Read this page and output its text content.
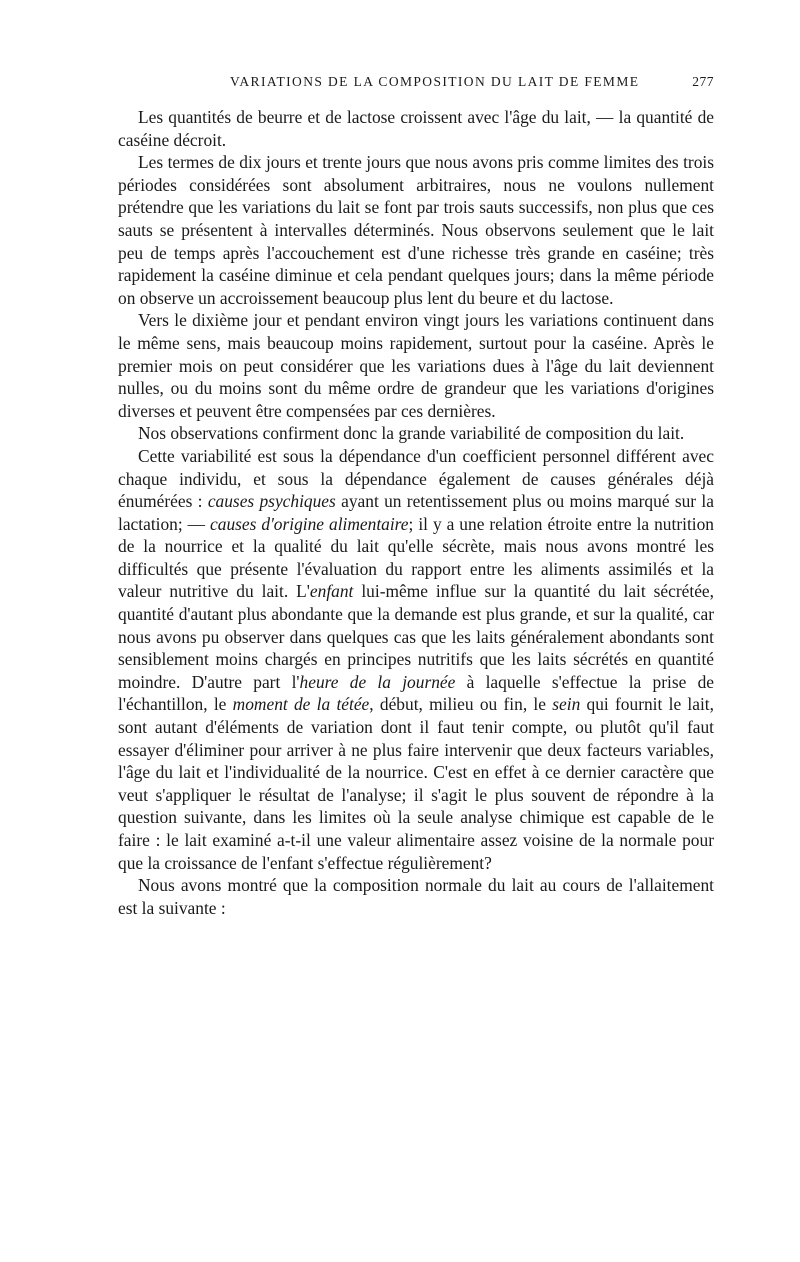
VARIATIONS DE LA COMPOSITION DU LAIT DE FEMME	277

Les quantités de beurre et de lactose croissent avec l'âge du lait, — la quantité de caséine décroit.

Les termes de dix jours et trente jours que nous avons pris comme limites des trois périodes considérées sont absolument arbitraires, nous ne voulons nullement prétendre que les variations du lait se font par trois sauts successifs, non plus que ces sauts se présentent à intervalles déterminés. Nous observons seulement que le lait peu de temps après l'accouchement est d'une richesse très grande en caséine; très rapidement la caséine diminue et cela pendant quelques jours; dans la même période on observe un accroissement beaucoup plus lent du beure et du lactose.

Vers le dixième jour et pendant environ vingt jours les variations continuent dans le même sens, mais beaucoup moins rapidement, surtout pour la caséine. Après le premier mois on peut considérer que les variations dues à l'âge du lait deviennent nulles, ou du moins sont du même ordre de grandeur que les variations d'origines diverses et peuvent être compensées par ces dernières.

Nos observations confirment donc la grande variabilité de composition du lait.

Cette variabilité est sous la dépendance d'un coefficient personnel différent avec chaque individu, et sous la dépendance également de causes générales déjà énumérées : causes psychiques ayant un retentissement plus ou moins marqué sur la lactation; — causes d'origine alimentaire; il y a une relation étroite entre la nutrition de la nourrice et la qualité du lait qu'elle sécrète, mais nous avons montré les difficultés que présente l'évaluation du rapport entre les aliments assimilés et la valeur nutritive du lait. L'enfant lui-même influe sur la quantité du lait sécrétée, quantité d'autant plus abondante que la demande est plus grande, et sur la qualité, car nous avons pu observer dans quelques cas que les laits généralement abondants sont sensiblement moins chargés en principes nutritifs que les laits sécrétés en quantité moindre. D'autre part l'heure de la journée à laquelle s'effectue la prise de l'échantillon, le moment de la tétée, début, milieu ou fin, le sein qui fournit le lait, sont autant d'éléments de variation dont il faut tenir compte, ou plutôt qu'il faut essayer d'éliminer pour arriver à ne plus faire intervenir que deux facteurs variables, l'âge du lait et l'individualité de la nourrice. C'est en effet à ce dernier caractère que veut s'appliquer le résultat de l'analyse; il s'agit le plus souvent de répondre à la question suivante, dans les limites où la seule analyse chimique est capable de le faire : le lait examiné a-t-il une valeur alimentaire assez voisine de la normale pour que la croissance de l'enfant s'effectue régulièrement?

Nous avons montré que la composition normale du lait au cours de l'allaitement est la suivante :
